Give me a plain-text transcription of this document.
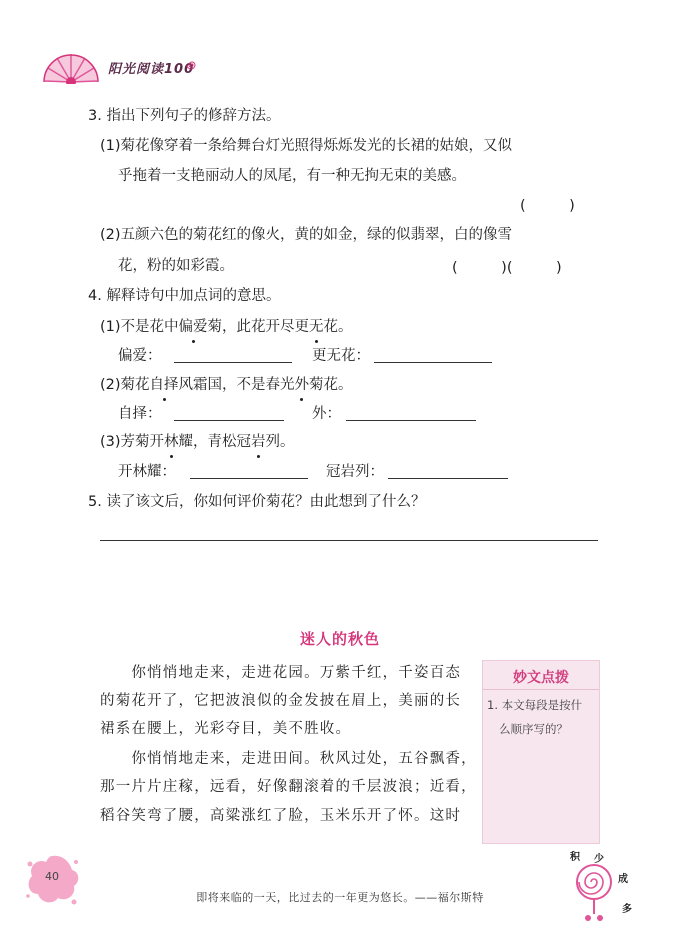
阳光阅读100
3. 指出下列句子的修辞方法。
(1)菊花像穿着一条给舞台灯光照得烁烁发光的长裙的姑娘，又似
乎拖着一支艳丽动人的凤尾，有一种无拘无束的美感。
(　　　)
(2)五颜六色的菊花红的像火，黄的如金，绿的似翡翠，白的像雪
花，粉的如彩霞。	(　　　)(　　　)
4. 解释诗句中加点词的意思。
(1)不是花中偏爱菊，此花开尽更无花。
偏爱：	更无花：
(2)菊花自择风霜国，不是春光外菊花。
自择：	外：
(3)芳菊开林耀，青松冠岩列。
开林耀：	冠岩列：
5. 读了该文后，你如何评价菊花？由此想到了什么？
迷人的秋色
　　你悄悄地走来，走进花园。万紫千红，千姿百态
的菊花开了，它把波浪似的金发披在眉上，美丽的长
裙系在腰上，光彩夺目，美不胜收。
　　你悄悄地走来，走进田间。秋风过处，五谷飘香，
那一片片庄稼，远看，好像翻滚着的千层波浪；近看，
稻谷笑弯了腰，高粱涨红了脸，玉米乐开了怀。这时
妙文点拨
1. 本文每段是按什
么顺序写的？
40
即将来临的一天，比过去的一年更为悠长。——福尔斯特
积 少
成
多
